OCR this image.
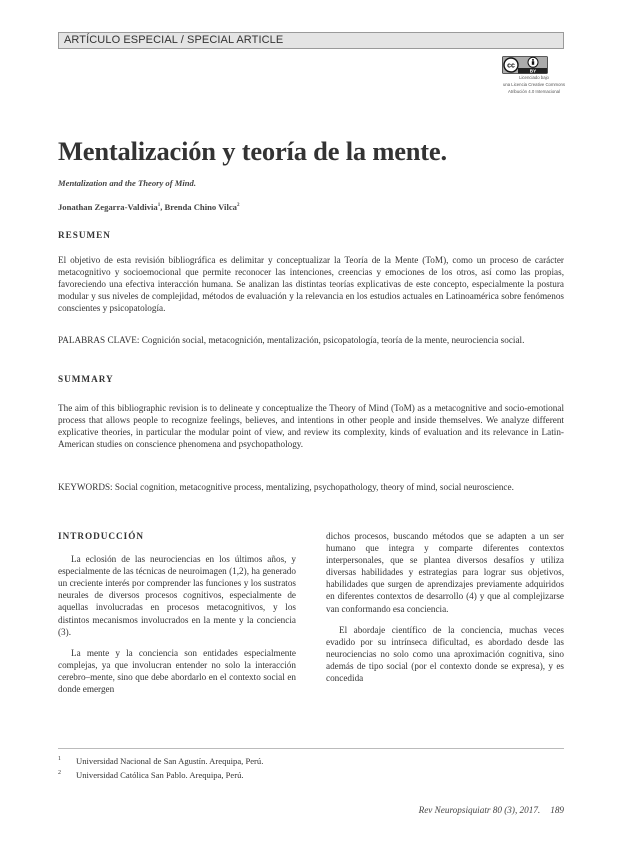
ARTÍCULO ESPECIAL / SPECIAL ARTICLE
cc
BY
Licenciado bajo
una Licencia Creative Commons
Atribución 4.0 Internacional
Mentalización y teoría de la mente.
Mentalization and the Theory of Mind.
Jonathan Zegarra-Valdivia$^1$, Brenda Chino Vilca$^2$
RESUMEN
El objetivo de esta revisión bibliográfica es delimitar y conceptualizar la Teoría de la Mente (ToM), como un proceso de carácter metacognitivo y socioemocional que permite reconocer las intenciones, creencias y emociones de los otros, así como las propias, favoreciendo una efectiva interacción humana. Se analizan las distintas teorías explicativas de este concepto, especialmente la postura modular y sus niveles de complejidad, métodos de evaluación y la relevancia en los estudios actuales en Latinoamérica sobre fenómenos conscientes y psicopatología.
PALABRAS CLAVE: Cognición social, metacognición, mentalización, psicopatología, teoría de la mente, neurociencia social.
SUMMARY
The aim of this bibliographic revision is to delineate y conceptualize the Theory of Mind (ToM) as a metacognitive and socio-emotional process that allows people to recognize feelings, believes, and intentions in other people and inside themselves. We analyze different explicative theories, in particular the modular point of view, and review its complexity, kinds of evaluation and its relevance in Latin-American studies on conscience phenomena and psychopathology.
KEYWORDS: Social cognition, metacognitive process, mentalizing, psychopathology, theory of mind, social neuroscience.
INTRODUCCIÓN

La eclosión de las neurociencias en los últimos años, y especialmente de las técnicas de neuroimagen (1,2), ha generado un creciente interés por comprender las funciones y los sustratos neurales de diversos procesos cognitivos, especialmente de aquellas involucradas en procesos metacognitivos, y los distintos mecanismos involucrados en la mente y la conciencia (3).

La mente y la conciencia son entidades especialmente complejas, ya que involucran entender no solo la interacción cerebro–mente, sino que debe abordarlo en el contexto social en donde emergen

dichos procesos, buscando métodos que se adapten a un ser humano que integra y comparte diferentes contextos interpersonales, que se plantea diversos desafíos y utiliza diversas habilidades y estrategias para lograr sus objetivos, habilidades que surgen de aprendizajes previamente adquiridos en diferentes contextos de desarrollo (4) y que al complejizarse van conformando esa conciencia.

El abordaje científico de la conciencia, muchas veces evadido por su intrínseca dificultad, es abordado desde las neurociencias no solo como una aproximación cognitiva, sino además de tipo social (por el contexto donde se expresa), y es concedida

1 Universidad Nacional de San Agustín. Arequipa, Perú.
2 Universidad Católica San Pablo. Arequipa, Perú.
Rev Neuropsiquiatr 80 (3), 2017. 189
